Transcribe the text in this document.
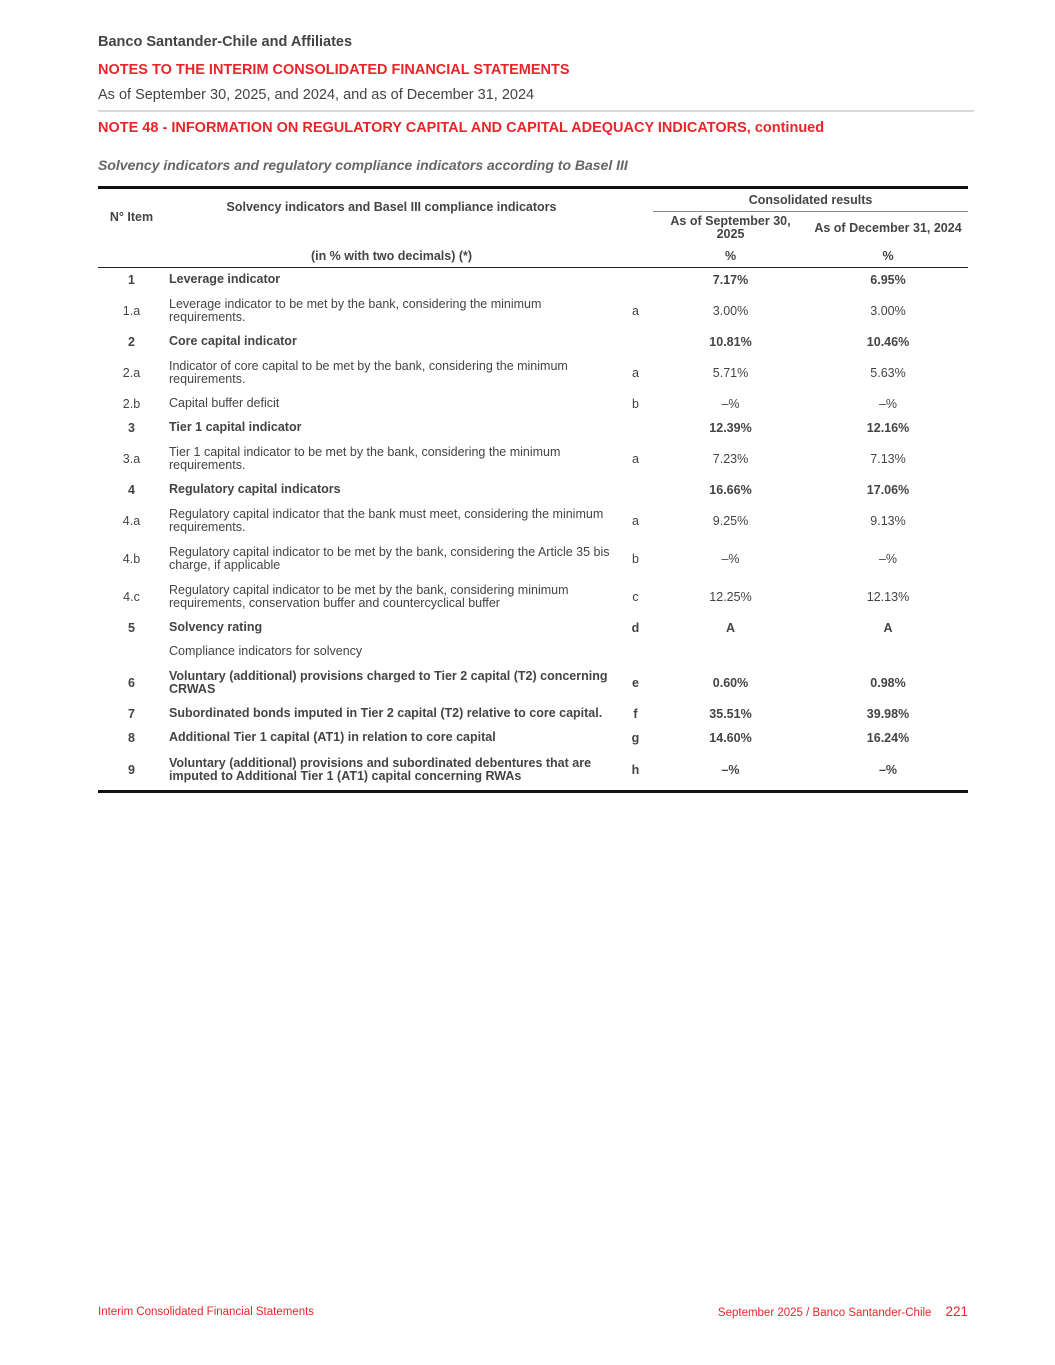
Banco Santander-Chile and Affiliates
NOTES TO THE INTERIM CONSOLIDATED FINANCIAL STATEMENTS
As of September 30, 2025, and 2024, and as of December 31, 2024
NOTE 48 - INFORMATION ON REGULATORY CAPITAL AND CAPITAL ADEQUACY INDICATORS, continued
Solvency indicators and regulatory compliance indicators according to Basel III
N° Item	Solvency indicators and Basel III compliance indicators		Consolidated results	
			As of September 30, 2025	As of December 31, 2024
	(in % with two decimals) (*)		%	%
1	Leverage indicator		7.17%	6.95%
1.a	Leverage indicator to be met by the bank, considering the minimum requirements.	a	3.00%	3.00%
2	Core capital indicator		10.81%	10.46%
2.a	Indicator of core capital to be met by the bank, considering the minimum requirements.	a	5.71%	5.63%
2.b	Capital buffer deficit	b	–%	–%
3	Tier 1 capital indicator		12.39%	12.16%
3.a	Tier 1 capital indicator to be met by the bank, considering the minimum requirements.	a	7.23%	7.13%
4	Regulatory capital indicators		16.66%	17.06%
4.a	Regulatory capital indicator that the bank must meet, considering the minimum requirements.	a	9.25%	9.13%
4.b	Regulatory capital indicator to be met by the bank, considering the Article 35 bis charge, if applicable	b	–%	–%
4.c	Regulatory capital indicator to be met by the bank, considering minimum requirements, conservation buffer and countercyclical buffer	c	12.25%	12.13%
5	Solvency rating	d	A	A
	Compliance indicators for solvency			
6	Voluntary (additional) provisions charged to Tier 2 capital (T2) concerning CRWAS	e	0.60%	0.98%
7	Subordinated bonds imputed in Tier 2 capital (T2) relative to core capital.	f	35.51%	39.98%
8	Additional Tier 1 capital (AT1) in relation to core capital	g	14.60%	16.24%
9	Voluntary (additional) provisions and subordinated debentures that are imputed to Additional Tier 1 (AT1) capital concerning RWAs	h	–%	–%
Interim Consolidated Financial Statements	September 2025 / Banco Santander-Chile 221
